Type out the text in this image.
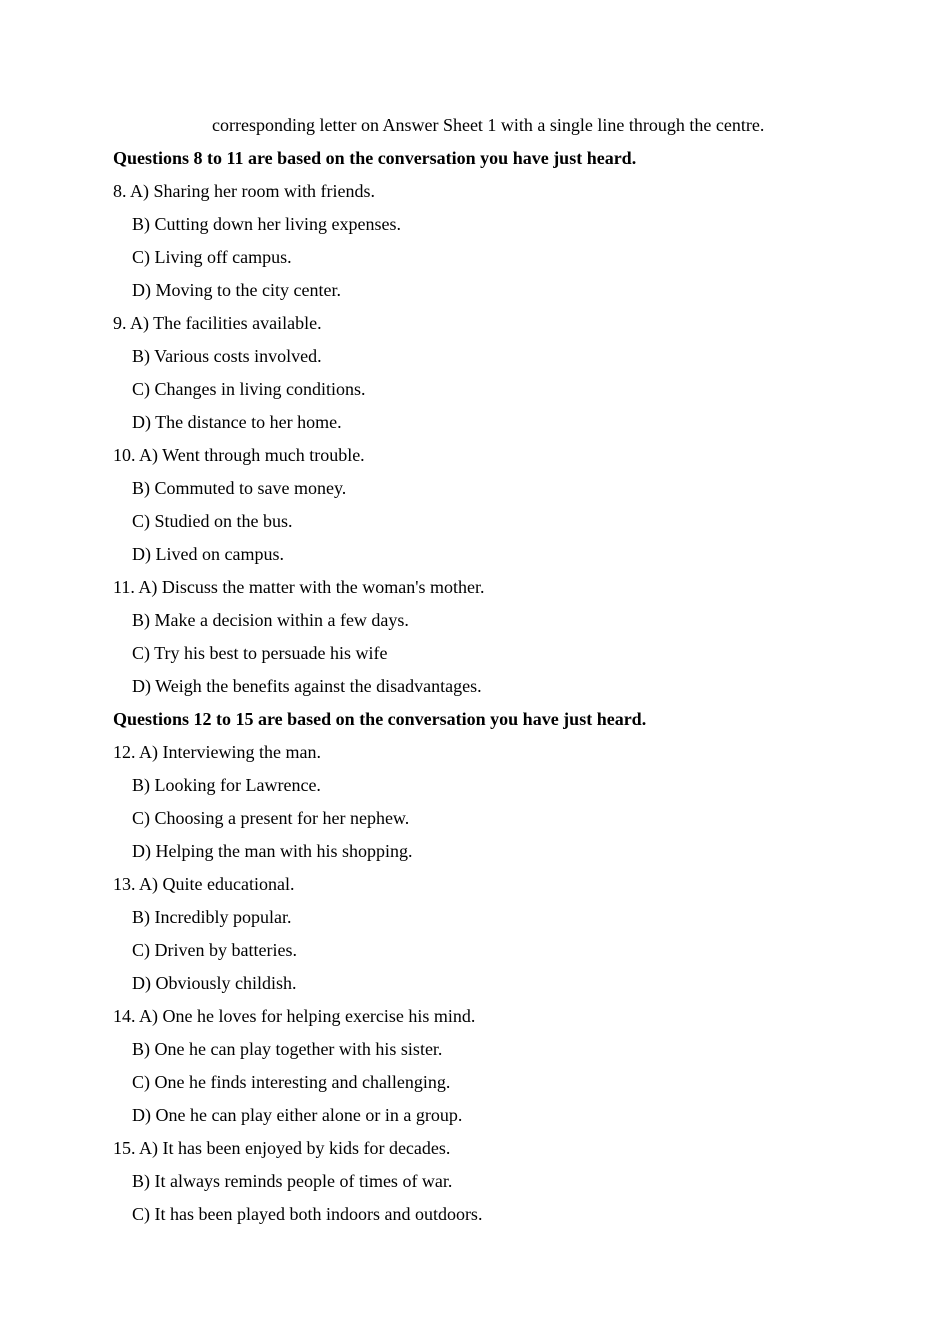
corresponding letter on Answer Sheet 1 with a single line through the centre.
Questions 8 to 11 are based on the conversation you have just heard.
8. A) Sharing her room with friends.
B) Cutting down her living expenses.
C) Living off campus.
D) Moving to the city center.
9. A) The facilities available.
B) Various costs involved.
C) Changes in living conditions.
D) The distance to her home.
10. A) Went through much trouble.
B) Commuted to save money.
C) Studied on the bus.
D) Lived on campus.
11. A) Discuss the matter with the woman's mother.
B) Make a decision within a few days.
C) Try his best to persuade his wife
D) Weigh the benefits against the disadvantages.
Questions 12 to 15 are based on the conversation you have just heard.
12. A) Interviewing the man.
B) Looking for Lawrence.
C) Choosing a present for her nephew.
D) Helping the man with his shopping.
13. A) Quite educational.
B) Incredibly popular.
C) Driven by batteries.
D) Obviously childish.
14. A) One he loves for helping exercise his mind.
B) One he can play together with his sister.
C) One he finds interesting and challenging.
D) One he can play either alone or in a group.
15. A) It has been enjoyed by kids for decades.
B) It always reminds people of times of war.
C) It has been played both indoors and outdoors.
